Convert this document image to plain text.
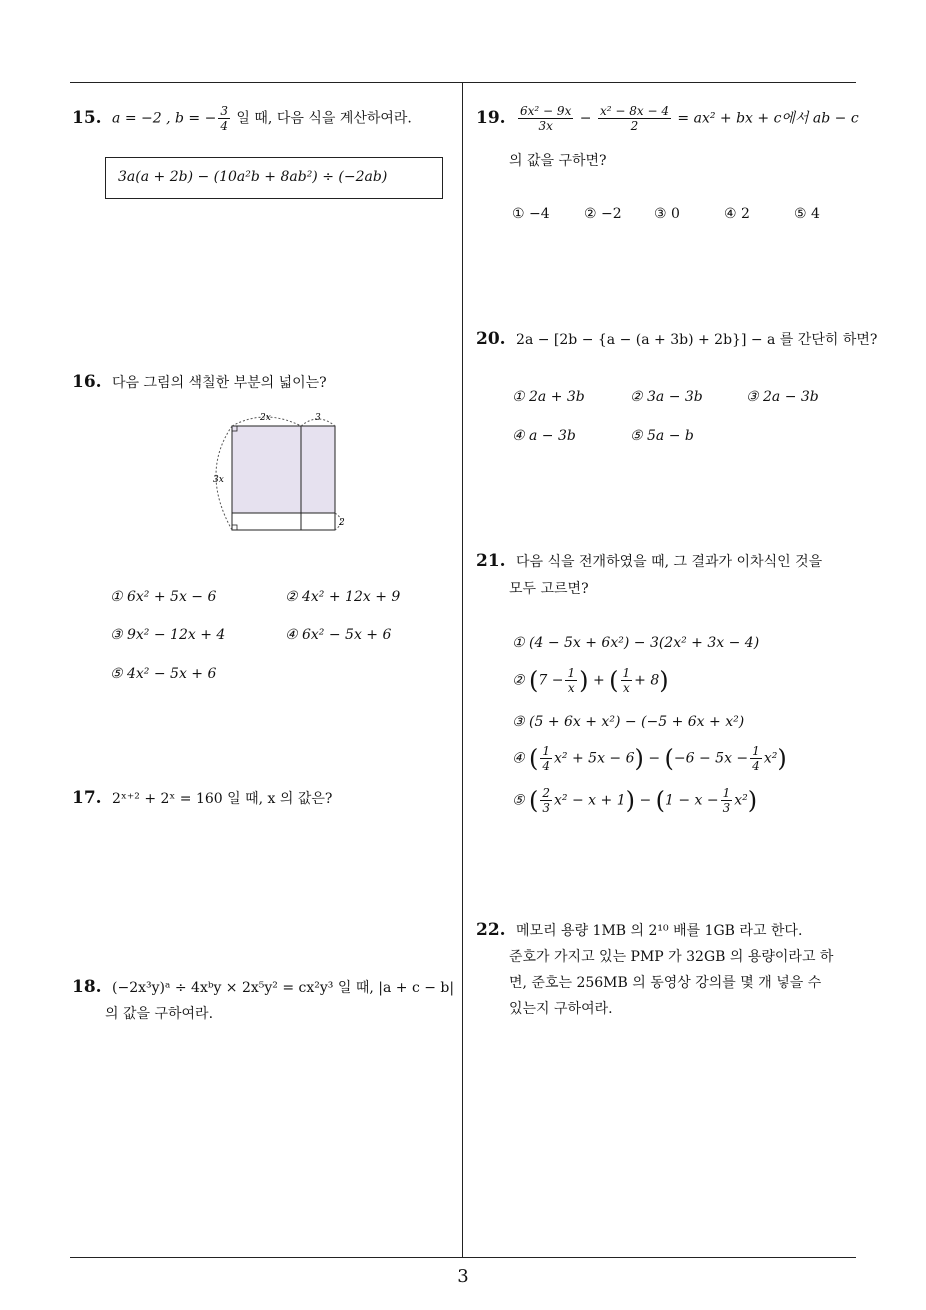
3
15. a = −2 , b = − $\frac{3}{4}$ 일 때, 다음 식을 계산하여라.
3a(a + 2b) − (10a²b + 8ab²) ÷ (−2ab)
16. 다음 그림의 색칠한 부분의 넓이는?
2x	3
3x
2
① 6x² + 5x − 6	② 4x² + 12x + 9
③ 9x² − 12x + 4	④ 6x² − 5x + 6
⑤ 4x² − 5x + 6
17. 2ˣ⁺² + 2ˣ = 160 일 때, x 의 값은?
18. (−2x³y)ᵃ ÷ 4xᵇy × 2x⁵y² = cx²y³ 일 때, |a + c − b|
의 값을 구하여라.
19. $\frac{\text{6x² − 9x}}{3x} - \frac{\text{x² − 8x − 4}}{2} = ax^2$ + bx + c에서 ab − c
의 값을 구하면?
① −4 ② −2 ③ 0	④ 2	⑤ 4
20. 2a − [2b − {a − (a + 3b) + 2b}] − a 를 간단히 하면?
① 2a + 3b	② 3a − 3b	③ 2a − 3b
④ a − 3b	⑤ 5a − b
21. 다음 식을 전개하였을 때, 그 결과가 이차식인 것을
모두 고르면?
① (4 − 5x + 6x²) − 3(2x² + 3x − 4)
② ($7 - \frac{1}{x}$ ) + ( $\frac{1}{x} + 8$)
③ (5 + 6x + x²) − (−5 + 6x + x²)
④ ( $\frac{1}{4} x^2 + 5x - 6) - (-6 - 5x - \frac{1}{4} x^2)$
⑤ ( $\frac{2}{3} x^2 - x + 1) - (1 - x - \frac{1}{3} x^2)$
22. 메모리 용량 1MB 의 2¹⁰ 배를 1GB 라고 한다.
준호가 가지고 있는 PMP 가 32GB 의 용량이라고 하
면, 준호는 256MB 의 동영상 강의를 몇 개 넣을 수
있는지 구하여라.
